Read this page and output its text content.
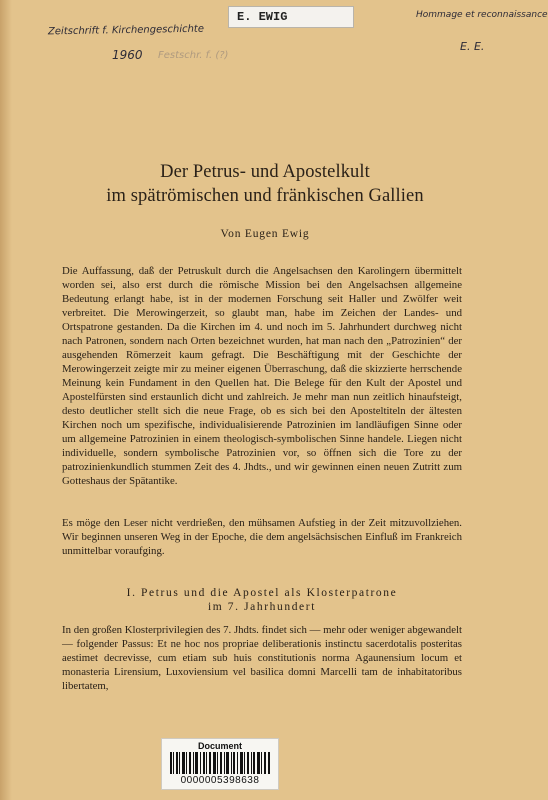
Zeitschrift f. Kirchengeschichte
1960 Festschr. f. (?)
Hommage et reconnaissance
E. E.
E. EWIG
Der Petrus- und Apostelkult
im spätrömischen und fränkischen Gallien
Von Eugen Ewig
Die Auffassung, daß der Petruskult durch die Angelsachsen den Karolingern übermittelt worden sei, also erst durch die römische Mission bei den Angelsachsen allgemeine Bedeutung erlangt habe, ist in der modernen Forschung seit Haller und Zwölfer weit verbreitet. Die Merowingerzeit, so glaubt man, habe im Zeichen der Landes- und Ortspatrone gestanden. Da die Kirchen im 4. und noch im 5. Jahrhundert durchweg nicht nach Patronen, sondern nach Orten bezeichnet wurden, hat man nach den „Patrozinien“ der ausgehenden Römerzeit kaum gefragt. Die Beschäftigung mit der Geschichte der Merowingerzeit zeigte mir zu meiner eigenen Überraschung, daß die skizzierte herrschende Meinung kein Fundament in den Quellen hat. Die Belege für den Kult der Apostel und Apostelfürsten sind erstaunlich dicht und zahlreich. Je mehr man nun zeitlich hinaufsteigt, desto deutlicher stellt sich die neue Frage, ob es sich bei den Aposteltiteln der ältesten Kirchen noch um spezifische, individualisierende Patrozinien im landläufigen Sinne oder um allgemeine Patrozinien in einem theologisch-symbolischen Sinne handele. Liegen nicht individuelle, sondern symbolische Patrozinien vor, so öffnen sich die Tore zu der patrozinienkundlich stummen Zeit des 4. Jhdts., und wir gewinnen einen neuen Zutritt zum Gotteshaus der Spätantike.
Es möge den Leser nicht verdrießen, den mühsamen Aufstieg in der Zeit mitzuvollziehen. Wir beginnen unseren Weg in der Epoche, die dem angelsächsischen Einfluß im Frankreich unmittelbar voraufging.
I. Petrus und die Apostel als Klosterpatrone
im 7. Jahrhundert
In den großen Klosterprivilegien des 7. Jhdts. findet sich — mehr oder weniger abgewandelt — folgender Passus: Et ne hoc nos propriae deliberationis instinctu sacerdotalis posteritas aestimet decrevisse, cum etiam sub huis constitutionis norma Agaunensium locum et monasteria Lirensium, Luxoviensium vel basilica domni Marcelli tam de inhabitatoribus libertatem,
Document
0000005398638
